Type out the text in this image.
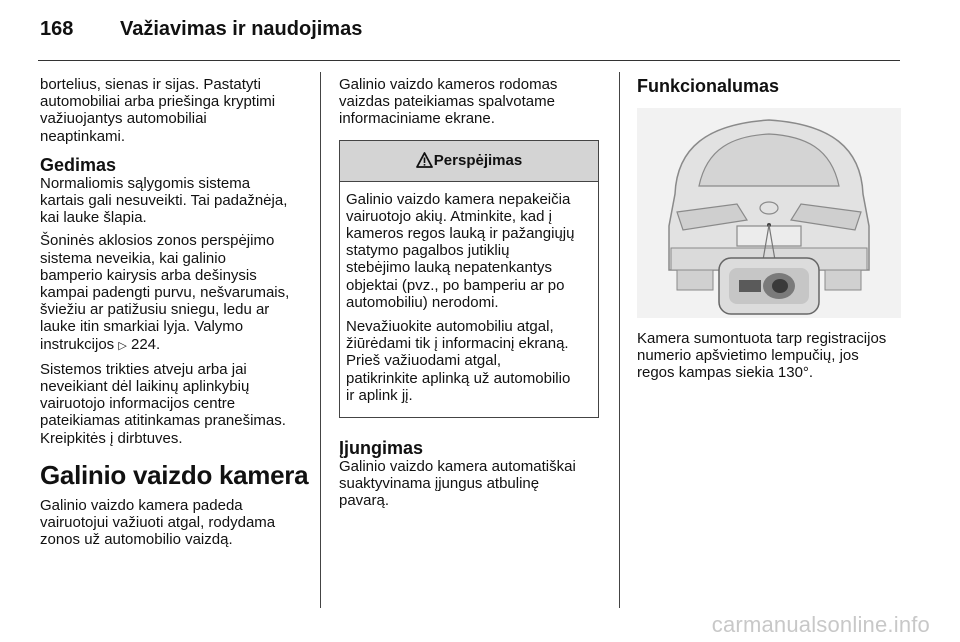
168 Važiavimas ir naudojimas

bortelius, sienas ir sijas. Pastatyti
automobiliai arba priešinga kryptimi
važiuojantys automobiliai
neaptinkami.

Gedimas

Normaliomis sąlygomis sistema
kartais gali nesuveikti. Tai padažnėja,
kai lauke šlapia.

Šoninės aklosios zonos perspėjimo
sistema neveikia, kai galinio
bamperio kairysis arba dešinysis
kampai padengti purvu, nešvarumais,
šviežiu ar patižusiu sniegu, ledu ar
lauke itin smarkiai lyja. Valymo
instrukcijos ▷ 224.

Sistemos trikties atveju arba jai
neveikiant dėl laikinų aplinkybių
vairuotojo informacijos centre
pateikiamas atitinkamas pranešimas.
Kreipkitės į dirbtuves.

Galinio vaizdo kamera

Galinio vaizdo kamera padeda
vairuotojui važiuoti atgal, rodydama
zonos už automobilio vaizdą.

Galinio vaizdo kameros rodomas
vaizdas pateikiamas spalvotame
informaciniame ekrane.

Perspėjimas

Galinio vaizdo kamera nepakeičia
vairuotojo akių. Atminkite, kad į
kameros regos lauką ir pažangiųjų
statymo pagalbos jutiklių
stebėjimo lauką nepatenkantys
objektai (pvz., po bamperiu ar po
automobiliu) nerodomi.

Nevažiuokite automobiliu atgal,
žiūrėdami tik į informacinį ekraną.
Prieš važiuodami atgal,
patikrinkite aplinką už automobilio
ir aplink jį.

Įjungimas

Galinio vaizdo kamera automatiškai
suaktyvinama įjungus atbulinę
pavarą.

Funkcionalumas

Kamera sumontuota tarp registracijos
numerio apšvietimo lempučių, jos
regos kampas siekia 130°.

carmanualsonline.info
